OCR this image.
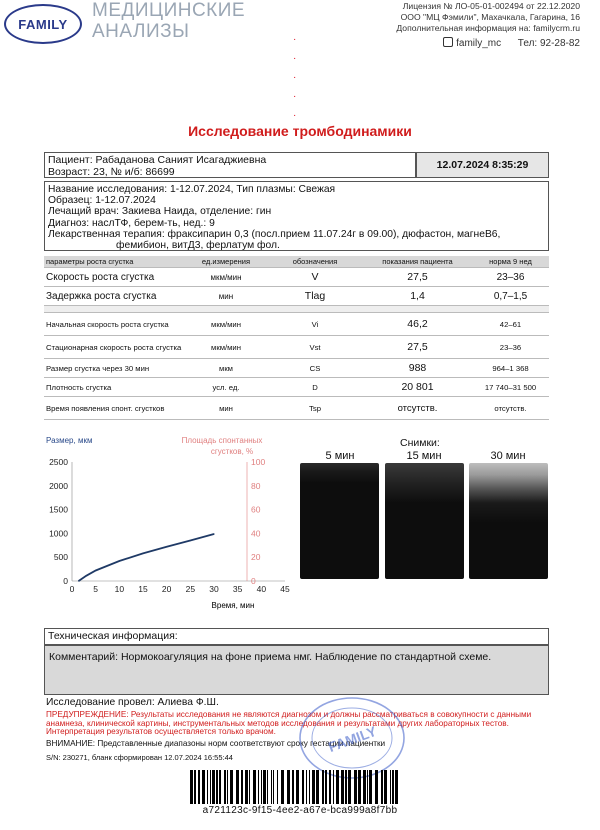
FAMILY
МЕДИЦИНСКИЕ
АНАЛИЗЫ
Лицензия № ЛО-05-01-002494 от 22.12.2020
ООО "МЦ Фэмили", Махачкала, Гагарина, 16
Дополнительная информация на: familycrm.ru
family_mc Тел: 92-28-82
·
·
·
·
·
Исследование тромбодинамики
Пациент: Рабаданова Саният Исагаджиевна
Возраст: 23, № и/б: 86699
12.07.2024 8:35:29
Название исследования: 1-12.07.2024, Тип плазмы: Свежая
Образец: 1-12.07.2024
Лечащий врач: Закиева Наида, отделение: гин
Диагноз: наслТФ, берем-ть, нед.: 9
Лекарственная терапия: фраксипарин 0,3 (посл.прием 11.07.24г в 09.00), дюфастон, магнеВ6,
фемибион, витД3, ферлатум фол.
параметры роста сгустка	ед.измерения	обозначения	показания пациента	норма 9 нед
Скорость роста сгустка	мкм/мин	V	27,5	23–36
Задержка роста сгустка	мин	Tlag	1,4	0,7–1,5

Начальная скорость роста сгустка	мкм/мин	Vi	46,2	42–61
Стационарная скорость роста сгустка	мкм/мин	Vst	27,5	23–36
Размер сгустка через 30 мин	мкм	CS	988	964–1 368
Плотность сгустка	усл. ед.	D	20 801	17 740–31 500
Время появления спонт. сгустков	мин	Tsp	отсутств.	отсутств.
Размер, мкм	Площадь спонтанных
сгустков, %
0
500
1000
1500
2000
2500
0 5 10 15 20 25 30 35 40 45
0
20
40
60
80
100
Время, мин
Снимки:
5 мин	15 мин	30 мин
Техническая информация:
Комментарий: Нормокоагуляция на фоне приема нмг. Наблюдение по стандартной схеме.
Исследование провел: Алиева Ф.Ш.
ПРЕДУПРЕЖДЕНИЕ: Результаты исследования не являются диагнозом и должны рассматриваться в совокупности с данными анамнеза, клинической картины, инструментальных методов исследования и результатами других лабораторных тестов. Интерпретация результатов осуществляется только врачом.
ВНИМАНИЕ: Представленные диапазоны норм соответствуют сроку гестации пациентки
S/N: 230271, бланк сформирован 12.07.2024 16:55:44
FAMILY
a721123c-9f15-4ee2-a67e-bca999a8f7bb
